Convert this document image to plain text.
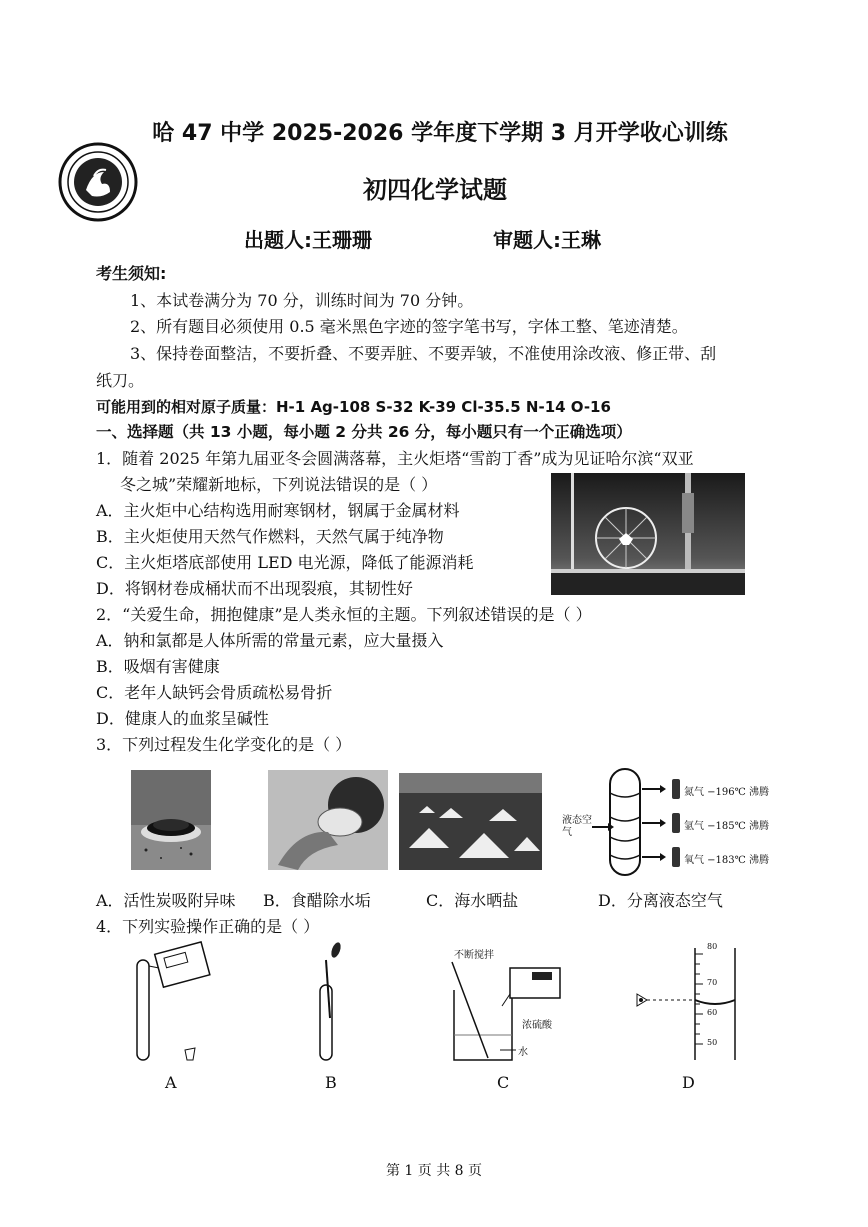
哈 47 中学 2025-2026 学年度下学期 3 月开学收心训练
初四化学试题
出题人:王珊珊	审题人:王琳
考生须知:
1、本试卷满分为 70 分，训练时间为 70 分钟。
2、所有题目必须使用 0.5 毫米黑色字迹的签字笔书写，字体工整、笔迹清楚。
3、保持卷面整洁，不要折叠、不要弄脏、不要弄皱，不准使用涂改液、修正带、刮
纸刀。
可能用到的相对原子质量：H-1 Ag-108 S-32 K-39 Cl-35.5 N-14 O-16
一、选择题（共 13 小题，每小题 2 分共 26 分，每小题只有一个正确选项）
1．随着 2025 年第九届亚冬会圆满落幕，主火炬塔“雪韵丁香”成为见证哈尔滨“双亚
冬之城”荣耀新地标，下列说法错误的是（ ）
A．主火炬中心结构选用耐寒钢材，钢属于金属材料
B．主火炬使用天然气作燃料，天然气属于纯净物
C．主火炬塔底部使用 LED 电光源，降低了能源消耗
D．将钢材卷成桶状而不出现裂痕，其韧性好
2．“关爱生命，拥抱健康”是人类永恒的主题。下列叙述错误的是（ ）
A．钠和氯都是人体所需的常量元素，应大量摄入
B．吸烟有害健康
C．老年人缺钙会骨质疏松易骨折
D．健康人的血浆呈碱性
3．下列过程发生化学变化的是（ ）
液态空气
氮气 −196℃ 沸腾
氩气 −185℃ 沸腾
氧气 −183℃ 沸腾
A．活性炭吸附异味 B．食醋除水垢	C．海水晒盐	D．分离液态空气
4．下列实验操作正确的是（ ）
不断搅拌
浓硫酸
水
80
70
60
50
A	B	C	D
第 1 页 共 8 页
